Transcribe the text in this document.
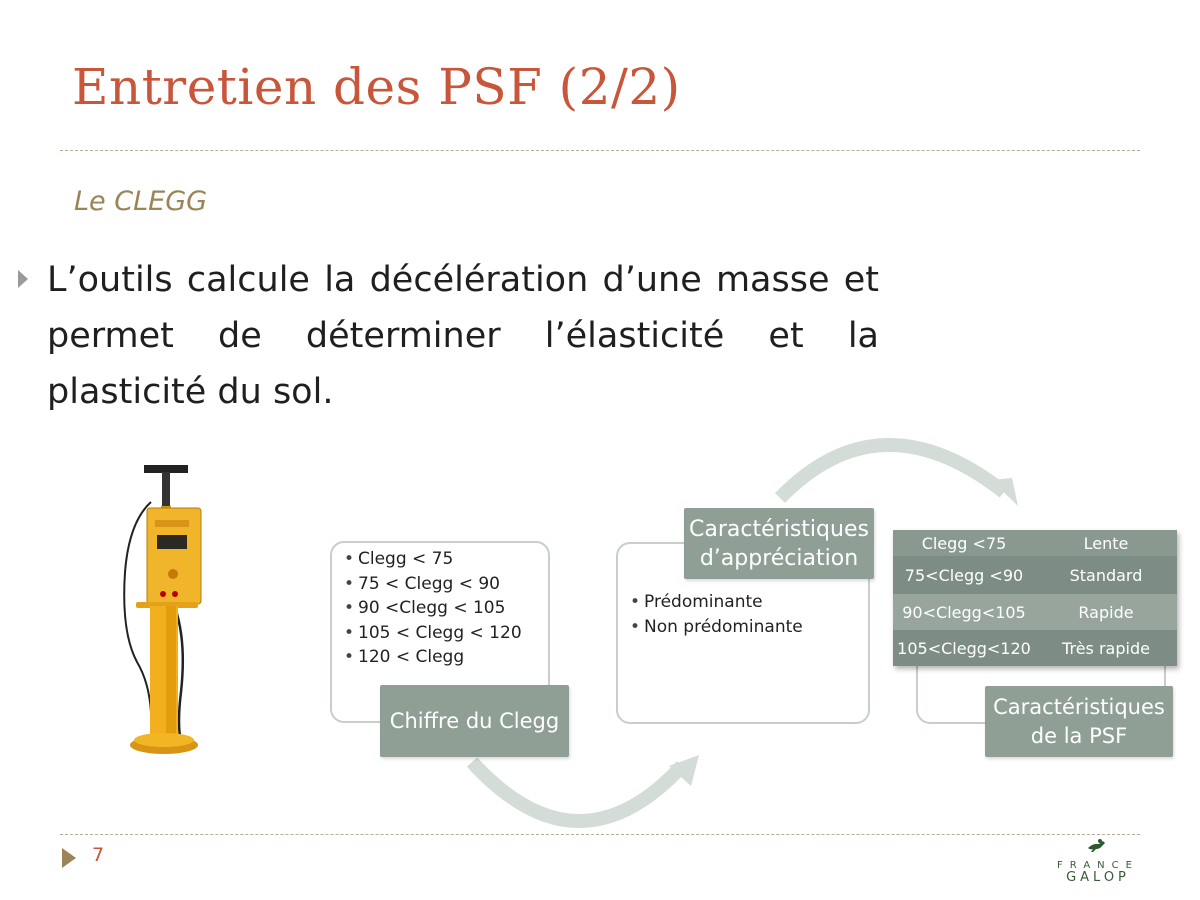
Entretien des PSF (2/2)
Le CLEGG
L’outils calcule la décélération d’une masse et permet de déterminer l’élasticité et la plasticité du sol.
• Clegg < 75
• 75 < Clegg < 90
• 90 <Clegg < 105
• 105 < Clegg < 120
• 120 < Clegg
Chiffre du Clegg
• Prédominante
• Non prédominante
Caractéristiques
d’appréciation
Clegg <75	Lente
75<Clegg <90	Standard
90<Clegg<105	Rapide
105<Clegg<120	Très rapide
Caractéristiques
de la PSF
7	FRANCE
GALOP
